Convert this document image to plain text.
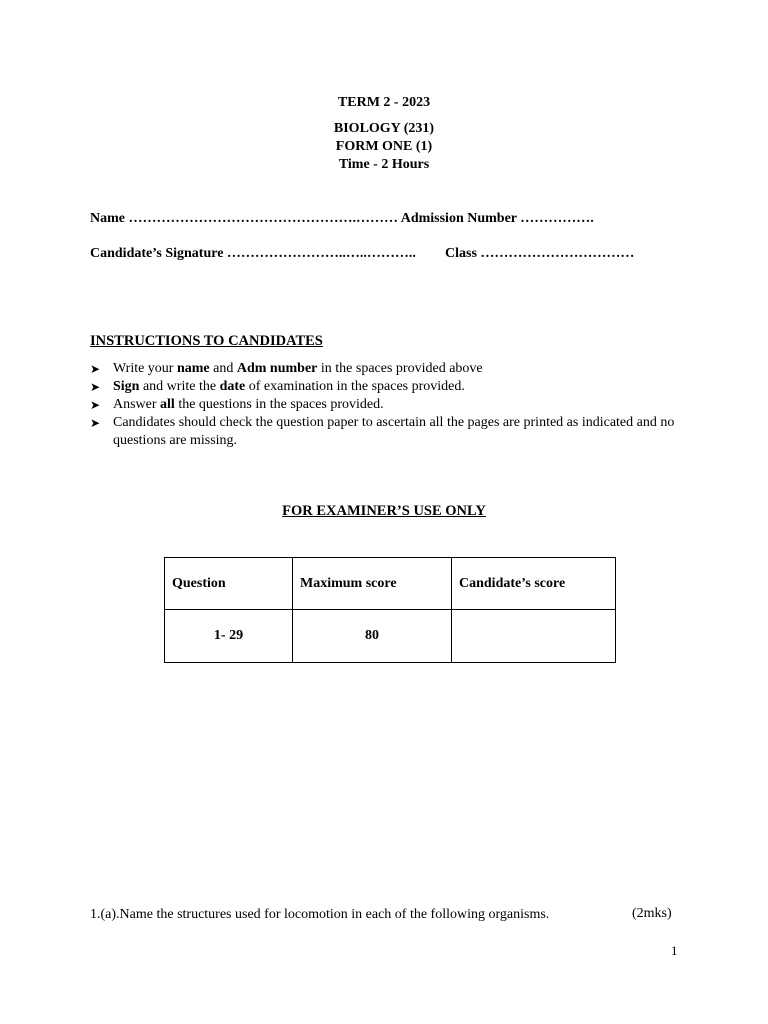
TERM 2 - 2023
BIOLOGY (231)
FORM ONE (1)
Time - 2 Hours
Name ………………………………………….……… Admission Number …………….
Candidate’s Signature ……………………..…..……….. Class ……………………………
INSTRUCTIONS TO CANDIDATES
➤ Write your name and Adm number in the spaces provided above
➤ Sign and write the date of examination in the spaces provided.
➤ Answer all the questions in the spaces provided.
➤ Candidates should check the question paper to ascertain all the pages are printed as indicated and no questions are missing.
FOR EXAMINER’S USE ONLY
Question	Maximum score	Candidate’s score
1- 29	80	
1.(a).Name the structures used for locomotion in each of the following organisms.	(2mks)
1
